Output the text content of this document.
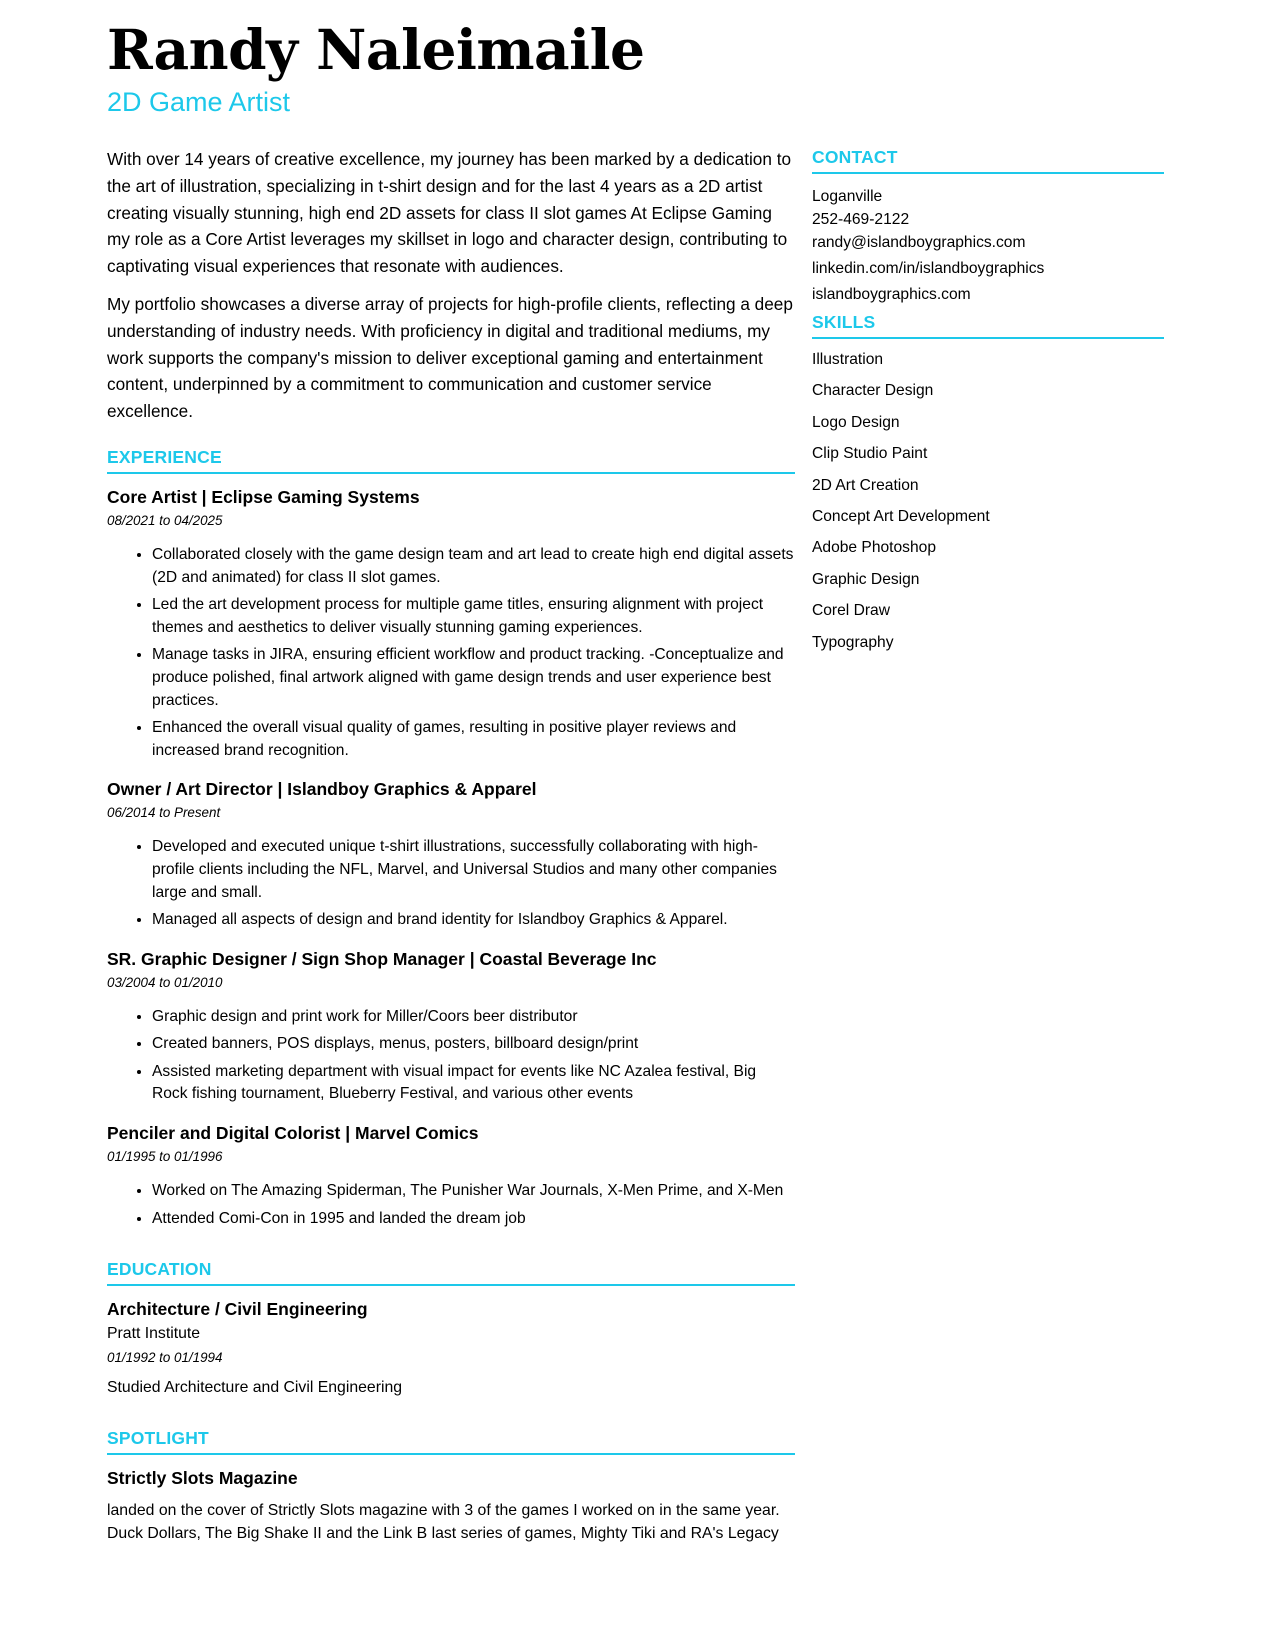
Randy Naleimaile
2D Game Artist

With over 14 years of creative excellence, my journey has been marked by a dedication to the art of illustration, specializing in t-shirt design and for the last 4 years as a 2D artist creating visually stunning, high end 2D assets for class II slot games At Eclipse Gaming my role as a Core Artist leverages my skillset in logo and character design, contributing to captivating visual experiences that resonate with audiences.

My portfolio showcases a diverse array of projects for high-profile clients, reflecting a deep understanding of industry needs. With proficiency in digital and traditional mediums, my work supports the company's mission to deliver exceptional gaming and entertainment content, underpinned by a commitment to communication and customer service excellence.

EXPERIENCE

Core Artist | Eclipse Gaming Systems

08/2021 to 04/2025

• Collaborated closely with the game design team and art lead to create high end digital assets (2D and animated) for class II slot games.
• Led the art development process for multiple game titles, ensuring alignment with project themes and aesthetics to deliver visually stunning gaming experiences.
• Manage tasks in JIRA, ensuring efficient workflow and product tracking. -Conceptualize and produce polished, final artwork aligned with game design trends and user experience best practices.
• Enhanced the overall visual quality of games, resulting in positive player reviews and increased brand recognition.

Owner / Art Director | Islandboy Graphics & Apparel

06/2014 to Present

• Developed and executed unique t-shirt illustrations, successfully collaborating with high-profile clients including the NFL, Marvel, and Universal Studios and many other companies large and small.
• Managed all aspects of design and brand identity for Islandboy Graphics & Apparel.

SR. Graphic Designer / Sign Shop Manager | Coastal Beverage Inc

03/2004 to 01/2010

• Graphic design and print work for Miller/Coors beer distributor
• Created banners, POS displays, menus, posters, billboard design/print
• Assisted marketing department with visual impact for events like NC Azalea festival, Big Rock fishing tournament, Blueberry Festival, and various other events

Penciler and Digital Colorist | Marvel Comics

01/1995 to 01/1996

• Worked on The Amazing Spiderman, The Punisher War Journals, X-Men Prime, and X-Men
• Attended Comi-Con in 1995 and landed the dream job
EDUCATION

Architecture / Civil Engineering

Pratt Institute

01/1992 to 01/1994

Studied Architecture and Civil Engineering

SPOTLIGHT

Strictly Slots Magazine

landed on the cover of Strictly Slots magazine with 3 of the games I worked on in the same year. Duck Dollars, The Big Shake II and the Link B last series of games, Mighty Tiki and RA's Legacy

CONTACT
Loganville
252-469-2122
randy@islandboygraphics.com
linkedin.com/in/islandboygraphics
islandboygraphics.com
SKILLS
Illustration
Character Design
Logo Design
Clip Studio Paint
2D Art Creation
Concept Art Development
Adobe Photoshop
Graphic Design
Corel Draw
Typography
